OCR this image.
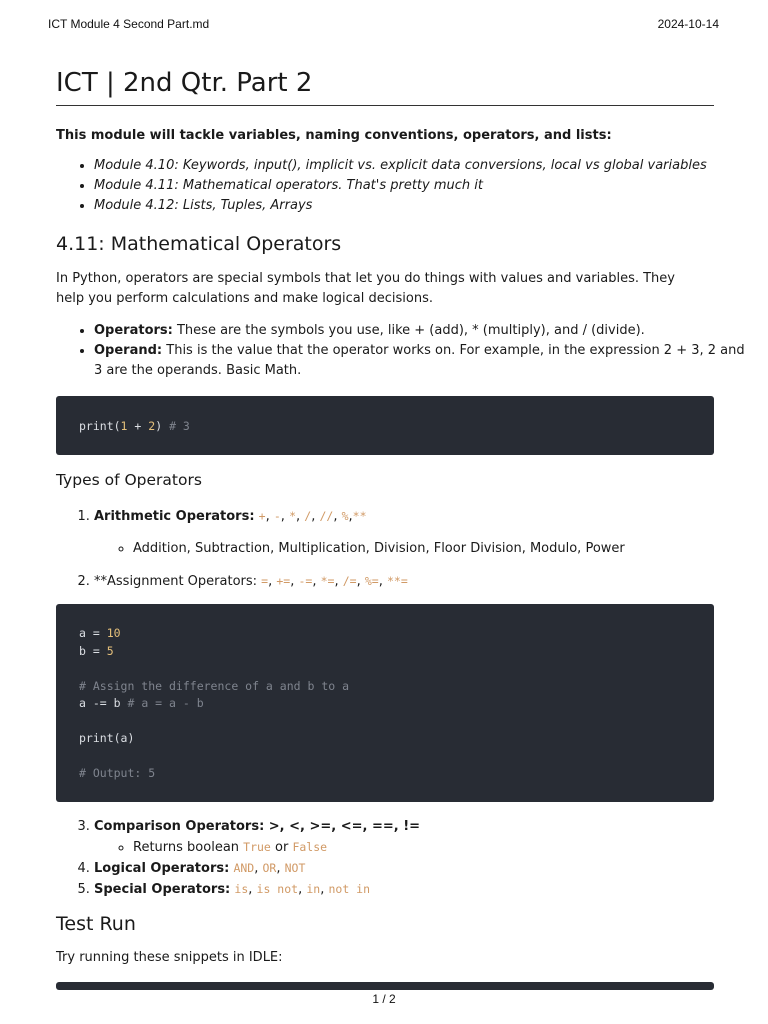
ICT Module 4 Second Part.md	2024-10-14
ICT | 2nd Qtr. Part 2

This module will tackle variables, naming conventions, operators, and lists:

• Module 4.10: Keywords, input(), implicit vs. explicit data conversions, local vs global variables
• Module 4.11: Mathematical operators. That's pretty much it
• Module 4.12: Lists, Tuples, Arrays
4.11: Mathematical Operators

In Python, operators are special symbols that let you do things with values and variables. They help you perform calculations and make logical decisions.

• Operators: These are the symbols you use, like + (add), * (multiply), and / (divide).
• Operand: This is the value that the operator works on. For example, in the expression 2 + 3, 2 and 3 are the operands. Basic Math.
print(1 + 2) # 3
Types of Operators
1. Arithmetic Operators: +, -, *, /, //, %,**
◦ Addition, Subtraction, Multiplication, Division, Floor Division, Modulo, Power
2. **Assignment Operators: =, +=, -=, *=, /=, %=, **=
a = 10
b = 5
# Assign the difference of a and b to a
a -= b # a = a - b
print(a)
# Output: 5
3. Comparison Operators: >, <, >=, <=, ==, !=
◦ Returns boolean True or False
4. Logical Operators: AND, OR, NOT
5. Special Operators: is, is not, in, not in
Test Run

Try running these snippets in IDLE:

1 / 2
